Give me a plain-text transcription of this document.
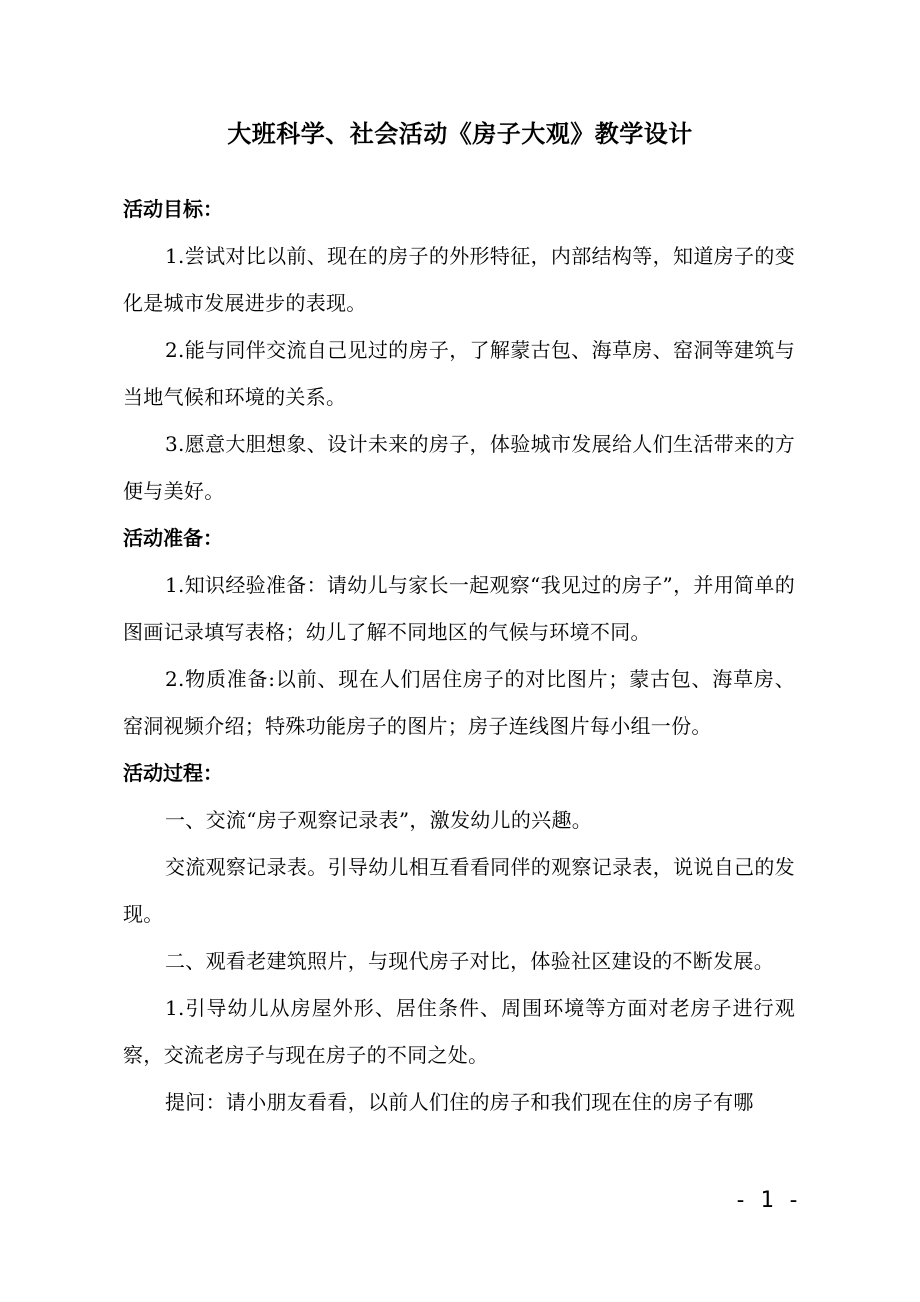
大班科学、社会活动《房子大观》教学设计

活动目标：

1.尝试对比以前、现在的房子的外形特征，内部结构等，知道房子的变化是城市发展进步的表现。

2.能与同伴交流自己见过的房子，了解蒙古包、海草房、窑洞等建筑与当地气候和环境的关系。

3.愿意大胆想象、设计未来的房子，体验城市发展给人们生活带来的方便与美好。

活动准备：

1.知识经验准备：请幼儿与家长一起观察“我见过的房子”，并用简单的图画记录填写表格；幼儿了解不同地区的气候与环境不同。

2.物质准备:以前、现在人们居住房子的对比图片；蒙古包、海草房、窑洞视频介绍；特殊功能房子的图片；房子连线图片每小组一份。

活动过程：

一、交流“房子观察记录表”，激发幼儿的兴趣。

交流观察记录表。引导幼儿相互看看同伴的观察记录表，说说自己的发现。

二、观看老建筑照片，与现代房子对比，体验社区建设的不断发展。

1.引导幼儿从房屋外形、居住条件、周围环境等方面对老房子进行观察，交流老房子与现在房子的不同之处。

提问：请小朋友看看，以前人们住的房子和我们现在住的房子有哪

- 1 -
